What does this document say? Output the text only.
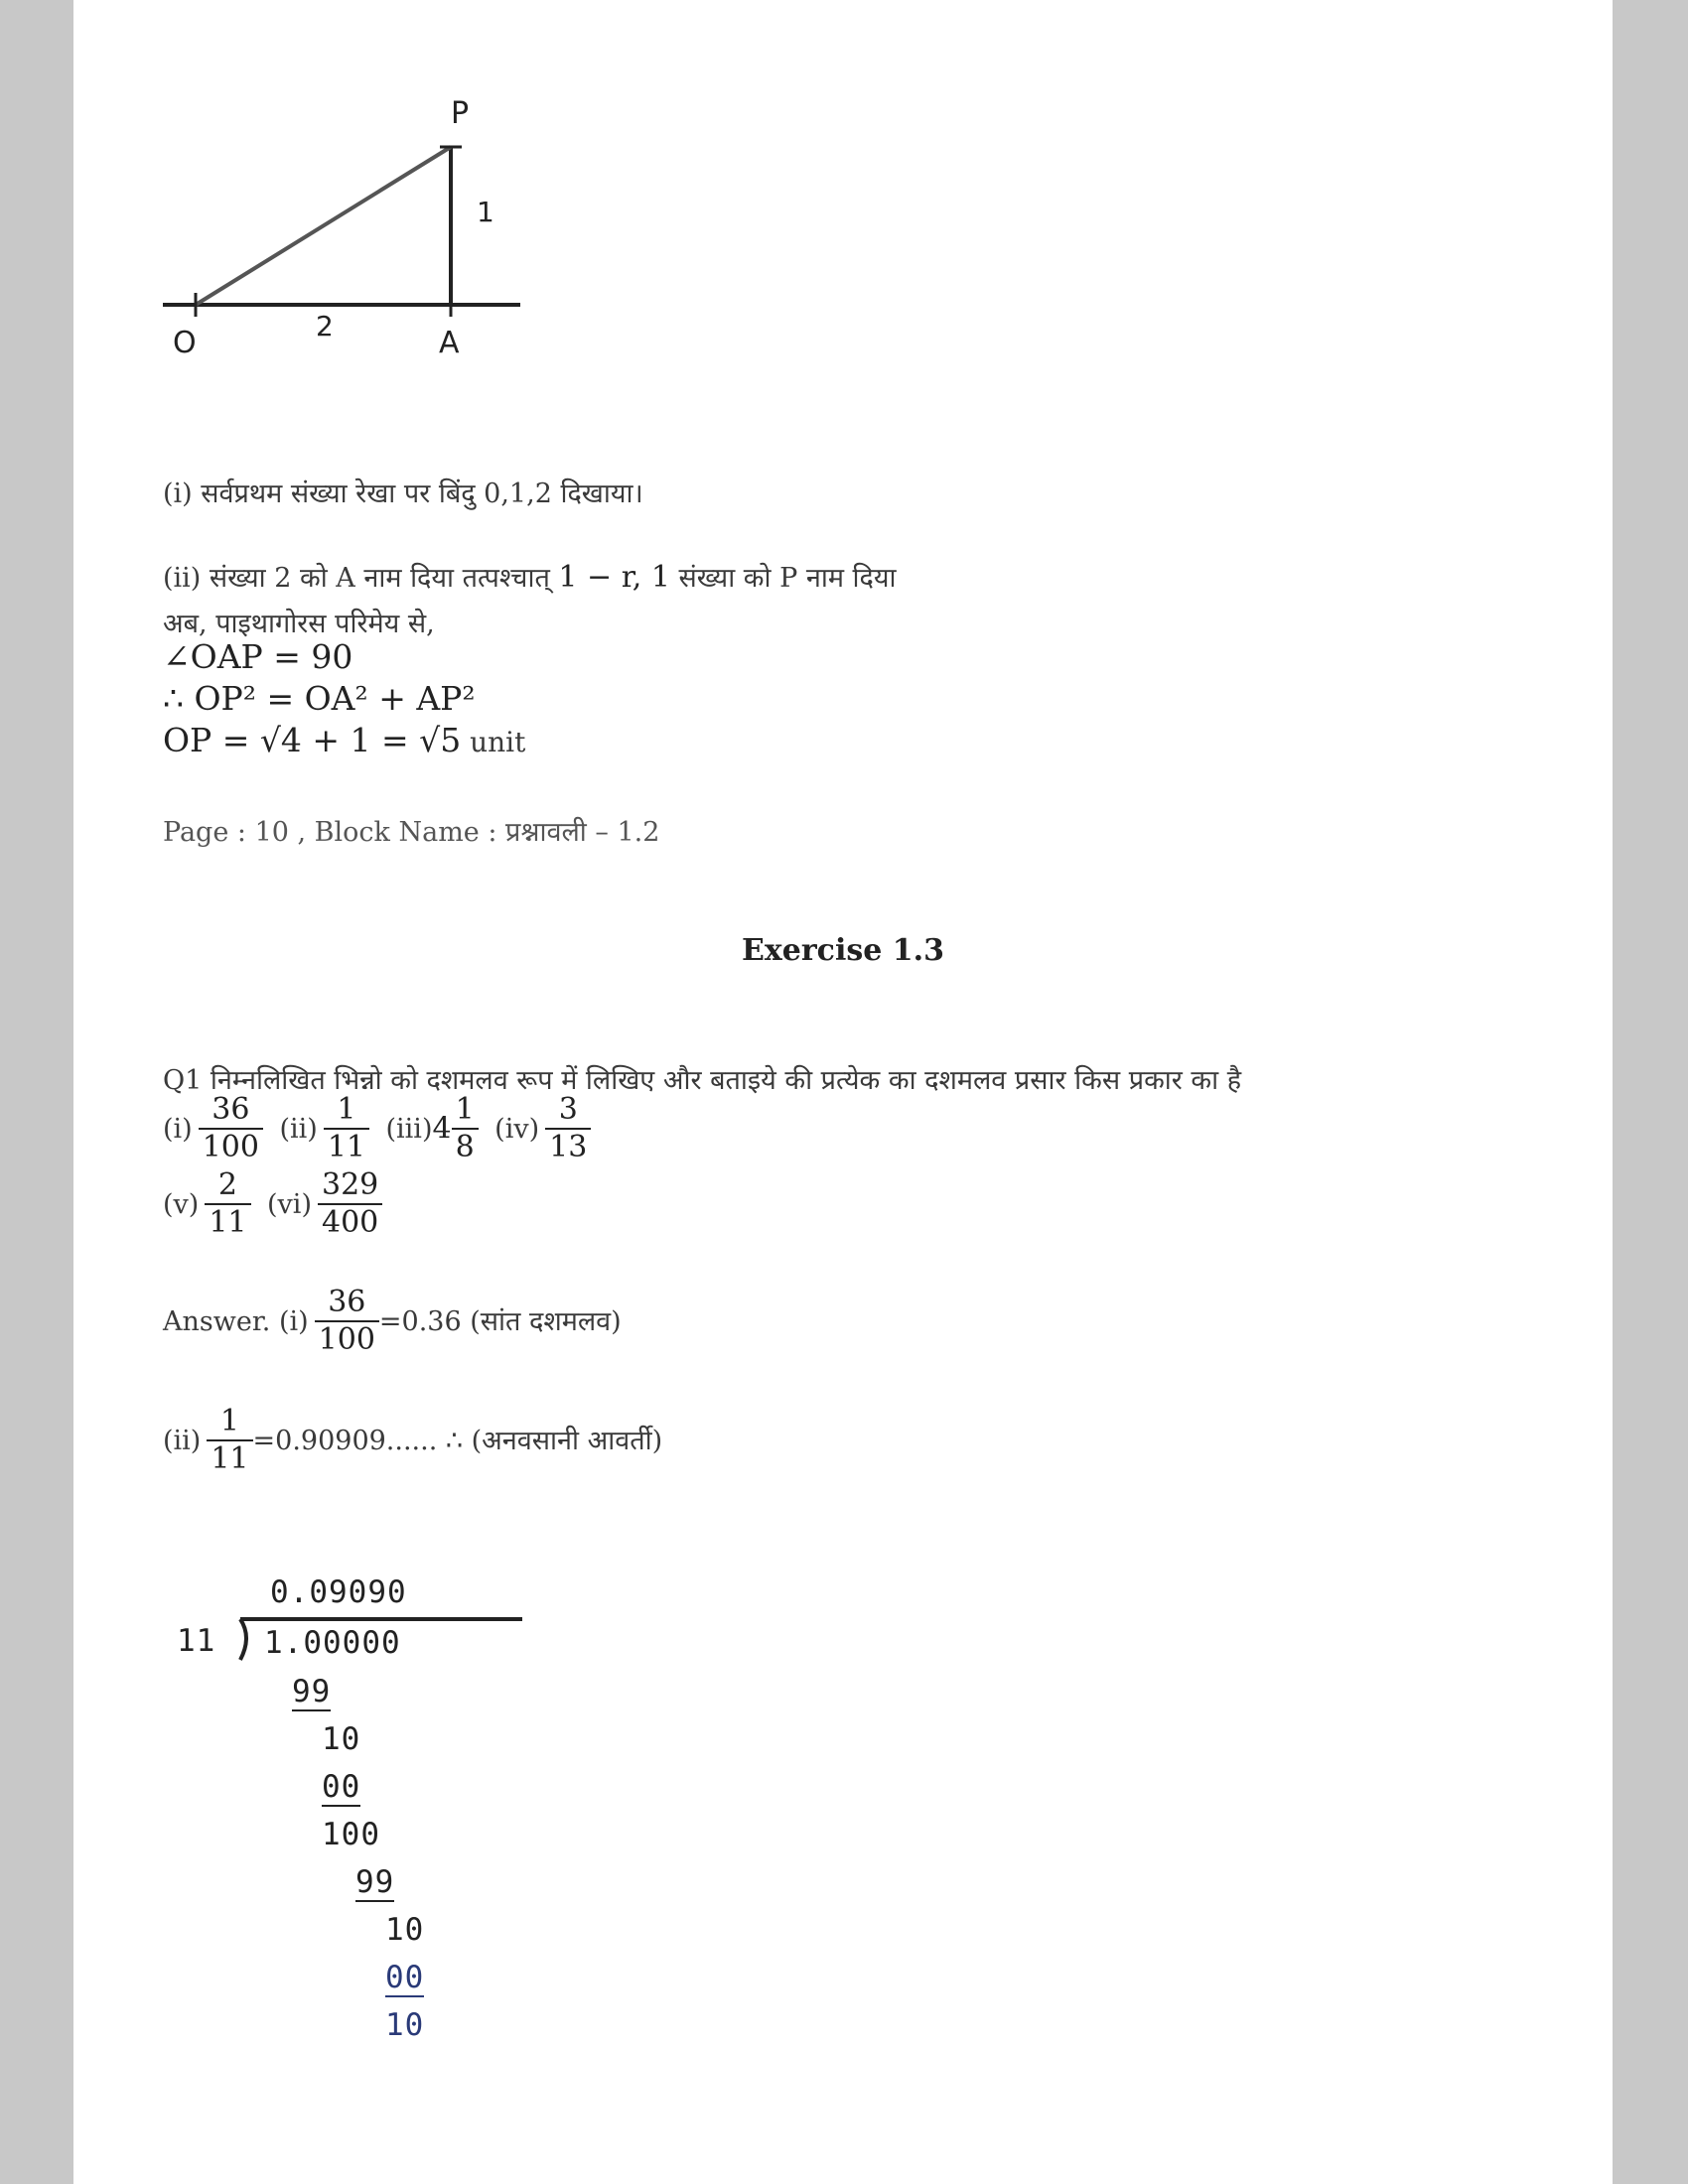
O	A
P
2
1
(i) सर्वप्रथम संख्या रेखा पर बिंदु 0,1,2 दिखाया।
(ii) संख्या 2 को A नाम दिया तत्पश्चात् 1 − r, 1 संख्या को P नाम दिया
अब, पाइथागोरस परिमेय से,
∠OAP = 90
∴ OP² = OA² + AP²
OP = √4 + 1 = √5 unit
Page : 10 , Block Name : प्रश्नावली – 1.2
Exercise 1.3
Q1 निम्नलिखित भिन्नो को दशमलव रूप में लिखिए और बताइये की प्रत्येक का दशमलव प्रसार किस प्रकार का है
$(i) \frac{36}{100} (ii) \frac{1}{11} (iii)4 \frac{1}{8} (iv) \frac{3}{13}$
$(v) \frac{2}{11} (vi) \frac{329}{400}$
Answer. $(i) \frac{36}{100} =0.36$ (सांत दशमलव)
$(ii) \frac{1}{11} =0.90909$...... ∴ (अनवसानी आवर्ती)
0.09090
11 1.00000
99
10
00
100
99
10
00
10
